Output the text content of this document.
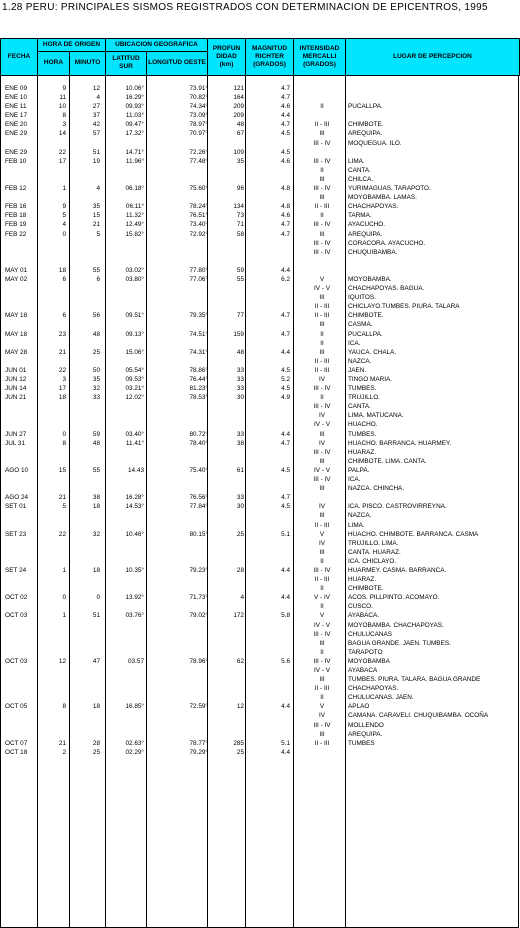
1.28 PERU: PRINCIPALES SISMOS REGISTRADOS CON DETERMINACION DE EPICENTROS, 1995
FECHA	HORA DE ORIGEN		UBICACION GEOGRAFICA		PROFUN DIDAD
(km)	MAGNITUD RICHTER (GRADOS)	INTENSIDAD MERCALLI (GRADOS)	LUGAR DE PERCEPCION
	HORA	MINUTO	LATITUD SUR	LONGITUD OESTE				
ENE 09	9	12	10.06°	73.91°	121	4.7
ENE 10	11	4	16.29°	70.82°	164	4.7
ENE 11	10	27	09.93°	74.34°	209	4.6	II	PUCALLPA.
ENE 17	8	37	11.03°	73.09°	209	4.4
ENE 20	3	42	09.47°	78.97°	48	4.7	II - III	CHIMBOTE.
ENE 29	14	57	17.32°	70.97°	67	4.5	III	AREQUIPA.
III - IV	MOQUEGUA. ILO.
ENE 29	22	51	14.71°	72.26°	109	4.5
FEB 10	17	19	11.96°	77.48°	35	4.6	III - IV	LIMA.
II	CANTA.
III	CHILCA.
FEB 12	1	4	06.18°	75.60°	96	4.8	III - IV	YURIMAGUAS. TARAPOTO.
III	MOYOBAMBA. LAMAS.
FEB 16	9	35	06.11°	78.24°	134	4.8	II - III	CHACHAPOYAS.
FEB 18	5	15	11.32°	76.51°	73	4.6	II	TARMA.
FEB 19	4	21	12.49°	73.40°	71	4.7	III - IV	AYACUCHO.
FEB 22	0	5	15.82°	72.92°	58	4.7	III	AREQUIPA.
III - IV	CORACORA. AYACUCHO.
III - IV	CHUQUIBAMBA.
MAY 01	18	55	03.02°	77.80°	59	4.4
MAY 02	6	6	03.80°	77.06°	55	6.2	V	MOYOBAMBA.
IV - V	CHACHAPOYAS. BAGUA.
III	IQUITOS.
II - III	CHICLAYO.TUMBES. PIURA. TALARA
MAY 18	6	56	09.51°	79.35°	77	4.7	II - III	CHIMBOTE.
III	CASMA.
MAY 18	23	48	09.13°	74.51°	159	4.7	II	PUCALLPA.
II	ICA.
MAY 28	21	25	15.06°	74.31°	48	4.4	III	YAUCA. CHALA.
II - III	NAZCA.
JUN 01	22	50	05.54°	78.86°	33	4.5	II - III	JAEN.
JUN 12	3	35	09.53°	76.44°	33	5.2	IV	TINGO MARIA.
JUN 14	17	32	03.21°	81.23°	33	4.5	III - IV	TUMBES.
JUN 21	18	33	12.02°	78.53°	30	4.9	II	TRUJILLO.
III - IV	CANTA.
IV	LIMA. MATUCANA.
IV - V	HUACHO.
JUN 27	0	59	03.40°	80.72°	33	4.4	III	TUMBES.
JUL 31	8	48	11.41°	78.40°	38	4.7	IV	HUACHO. BARRANCA. HUARMEY.
III - IV	HUARAZ.
III	CHIMBOTE. LIMA. CANTA.
AGO 10	15	55	14.43	75.40°	61	4.5	IV - V	PALPA.
III - IV	ICA.
III	NAZCA. CHINCHA.
AGO 24	21	38	16.28°	76.56°	33	4.7
SET 01	5	18	14.53°	77.84°	30	4.5	IV	ICA. PISCO. CASTROVIRREYNA.
III	NAZCA.
II - III	LIMA.
SET 23	22	32	10.46°	80.15°	25	5.1	V	HUACHO. CHIMBOTE. BARRANCA. CASMA
IV	TRUJILLO. LIMA.
III	CANTA. HUARAZ.
II	ICA. CHICLAYO.
SET 24	1	18	10.35°	79.23°	28	4.4	III - IV	HUARMEY. CASMA. BARRANCA.
II - III	HUARAZ.
II	CHIMBOTE.
OCT 02	0	0	13.92°	71.73°	4	4.4	V - IV	ACOS. PILLPINTO. ACOMAYO.
II	CUSCO.
OCT 03	1	51	03.76°	79.02°	172	5.8	V	AYABACA.
IV - V	MOYOBAMBA. CHACHAPOYAS.
III - IV	CHULUCANAS
III	BAGUA GRANDE. JAEN. TUMBES.
II	TARAPOTO
OCT 03	12	47	03.57	78.96°	62	5.6	III - IV	MOYOBAMBA
IV - V	AYABACA
III	TUMBES. PIURA. TALARA. BAGUA GRANDE
II - III	CHACHAPOYAS.
II	CHULUCANAS. JAEN.
OCT 05	8	18	16.85°	72.59°	12	4.4	V	APLAO
IV	CAMANA. CARAVELI. CHUQUIBAMBA. OCOÑA
III - IV	MOLLENDO
III	AREQUIPA.
OCT 07	21	28	02.63°	78.77°	285	5.1	II - III	TUMBES
OCT 18	2	25	02.29°	79.29°	25	4.4
